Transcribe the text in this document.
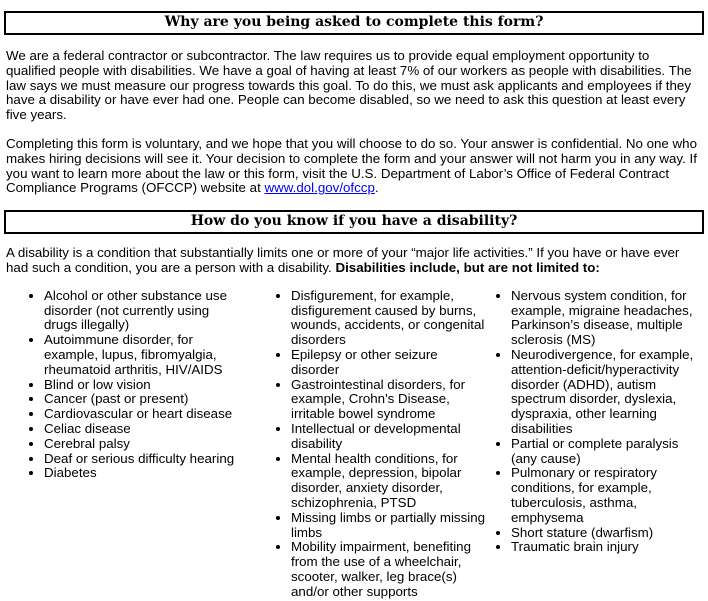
Why are you being asked to complete this form?

We are a federal contractor or subcontractor. The law requires us to provide equal employment opportunity to qualified people with disabilities. We have a goal of having at least 7% of our workers as people with disabilities. The law says we must measure our progress towards this goal. To do this, we must ask applicants and employees if they have a disability or have ever had one. People can become disabled, so we need to ask this question at least every five years.

Completing this form is voluntary, and we hope that you will choose to do so. Your answer is confidential. No one who makes hiring decisions will see it. Your decision to complete the form and your answer will not harm you in any way. If you want to learn more about the law or this form, visit the U.S. Department of Labor’s Office of Federal Contract Compliance Programs (OFCCP) website at www.dol.gov/ofccp.

How do you know if you have a disability?

A disability is a condition that substantially limits one or more of your “major life activities.” If you have or have ever had such a condition, you are a person with a disability. Disabilities include, but are not limited to:

• Alcohol or other substance use disorder (not currently using drugs illegally)
• Autoimmune disorder, for example, lupus, fibromyalgia, rheumatoid arthritis, HIV/AIDS
• Blind or low vision
• Cancer (past or present)
• Cardiovascular or heart disease
• Celiac disease
• Cerebral palsy
• Deaf or serious difficulty hearing
• Diabetes
• Disfigurement, for example, disfigurement caused by burns, wounds, accidents, or congenital disorders
• Epilepsy or other seizure disorder
• Gastrointestinal disorders, for example, Crohn's Disease, irritable bowel syndrome
• Intellectual or developmental disability
• Mental health conditions, for example, depression, bipolar disorder, anxiety disorder, schizophrenia, PTSD
• Missing limbs or partially missing limbs
• Mobility impairment, benefiting from the use of a wheelchair, scooter, walker, leg brace(s) and/or other supports
• Nervous system condition, for example, migraine headaches, Parkinson’s disease, multiple sclerosis (MS)
• Neurodivergence, for example, attention-deficit/hyperactivity disorder (ADHD), autism spectrum disorder, dyslexia, dyspraxia, other learning disabilities
• Partial or complete paralysis (any cause)
• Pulmonary or respiratory conditions, for example, tuberculosis, asthma, emphysema
• Short stature (dwarfism)
• Traumatic brain injury
